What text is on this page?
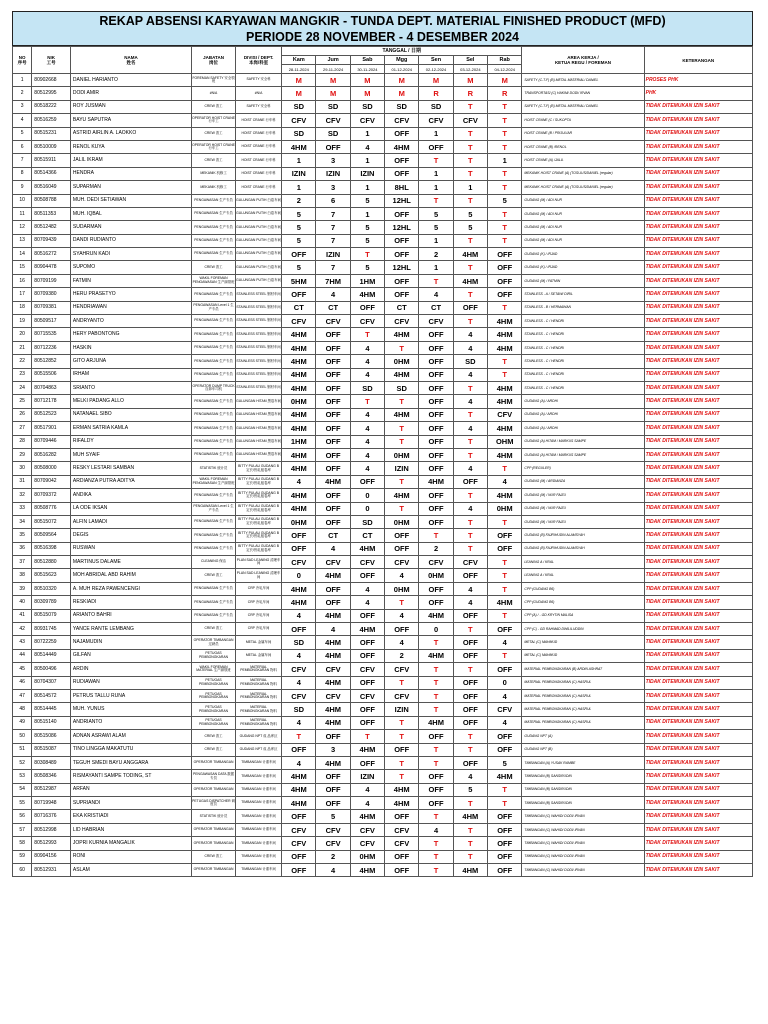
REKAP ABSENSI KARYAWAN MANGKIR - TUNDA DEPT. MATERIAL FINISHED PRODUCT (MFD)
PERIODE 28 NOVEMBER - 4 DESEMBER 2024
NO
序号	NIK
工号	NAMA
姓名	JABATAN
岗位	DIVISI / DEPT.
本岗/科室	TANGGAL / 日期							AREA KERJA /
KETUA REGU / FOREMAN	KETERANGAN
					Kam	Jum	Sab	Mgg	Sen	Sel	Rab		
					28-11-2024	29-11-2024	30-11-2024	01-12-2024	02-12-2024	03-12-2024	04-12-2024		
1	80902668	DANIEL HARIANTO	FOREMAN SAFETY 安全领班	SAFETY 安全科	M	M	M	M	M	M	M	SAFETY (C-T-F) (B) METAL MATERIAL/ DANIEL	PROSES PHK
2	80512995	DODI AMIR	#N/A	#N/A	M	M	M	M	R	R	R	TRANSPORTASI (C) HAKIM/ DODI/ IRVAN	PHK
3	80518222	ROY JUSMAN	CREW 普工	SAFETY 安全科	SD	SD	SD	SD	SD	T	T	SAFETY (C-T-F) (B) METAL MATERIAL/ DANIEL	TIDAK DITEMUKAN IZIN SAKIT
4	80516259	BAYU SAPUTRA	OPERATOR HOIST CRANE 行车工	HOIST CRANE 行车科	CFV	CFV	CFV	CFV	CFV	CFV	T	HOIST CRANE (C / SUKOPTA	TIDAK DITEMUKAN IZIN SAKIT
5	80515231	ASTRID AIRLIN A. LAOKKO	CREW 普工	HOIST CRANE 行车科	SD	SD	1	OFF	1	T	T	HOIST CRANE (B / PRIJULIAR	TIDAK DITEMUKAN IZIN SAKIT
6	80510009	RENOL KUYA	OPERATOR HOIST CRANE 行车工	HOIST CRANE 行车科	4HM	OFF	4	4HM	OFF	T	T	HOIST CRANE (B) /RENOL	TIDAK DITEMUKAN IZIN SAKIT
7	80515911	JALIL IKRAM	CREW 普工	HOIST CRANE 行车科	1	3	1	OFF	T	T	1	HOIST CRANE (A) /JALIL	TIDAK DITEMUKAN IZIN SAKIT
8	80514366	HENDRA	MEKANIK 机修工	HOIST CRANE 行车科	IZIN	IZIN	IZIN	OFF	1	T	T	MEKANIK HOIST CRANE (A) (TOSULIS/DANIEL (regular)	TIDAK DITEMUKAN IZIN SAKIT
9	80516049	SUPARMAN	MEKANIK 机修工	HOIST CRANE 行车科	1	3	1	8HL	1	1	T	MEKANIK HOIST CRANE (A) (TOSULIS/DANIEL (regular)	TIDAK DITEMUKAN IZIN SAKIT
10	80508788	MUH. DEDI SETIAWAN	PENGAWASAN 生产专员	GULUNGAN PUTIH 白卷车间	2	6	5	12HL	T	T	5	GUDANG (M) / ADI NUR	TIDAK DITEMUKAN IZIN SAKIT
11	80511353	MUH. IQBAL	PENGAWASAN 生产专员	GULUNGAN PUTIH 白卷车间	5	7	1	OFF	5	5	T	GUDANG (M) / ADI NUR	TIDAK DITEMUKAN IZIN SAKIT
12	80512482	SUDARMAN	PENGAWASAN 生产专员	GULUNGAN PUTIH 白卷车间	5	7	5	12HL	5	5	T	GUDANG (M) / ADI NUR	TIDAK DITEMUKAN IZIN SAKIT
13	80709439	DANDI RUDIANTO	PENGAWASAN 生产专员	GULUNGAN PUTIH 白卷车间	5	7	5	OFF	1	T	T	GUDANG (M) / ADI NUR	TIDAK DITEMUKAN IZIN SAKIT
14	80516272	SYAHRUN KADI	PENGAWASAN 生产专员	GULUNGAN PUTIH 白卷车间	OFF	IZIN	T	OFF	2	4HM	OFF	GUDANG (K) / IRJAD	TIDAK DITEMUKAN IZIN SAKIT
15	80904478	SUPOMO	CREW 普工	GULUNGAN PUTIH 白卷车间	5	7	5	12HL	1	T	OFF	GUDANG (K) / IRJAD	TIDAK DITEMUKAN IZIN SAKIT
16	80709199	FATMIN	WAKIL FOREMAN PENGAWASAN 生产副领班	GULUNGAN PUTIH 白卷车间	5HM	7HM	1HM	OFF	T	4HM	OFF	GUDANG (M) / FATMIN	TIDAK DITEMUKAN IZIN SAKIT
17	80709380	HERU PRASETYO	PENGAWASAN 生产专员	STAINLESS STEEL 钢材车间	OFF	4	4HM	OFF	4	T	OFF	STAINLESS - A / SETAWI DIRIL	TIDAK DITEMUKAN IZIN SAKIT
18	80709381	HENDRIAWAN	PENGAWASAN Level 1 生产专员	STAINLESS STEEL 钢材车间	CT	CT	OFF	CT	CT	OFF	T	STAINLESS - B / HERMAWAN	TIDAK DITEMUKAN IZIN SAKIT
19	80509517	ANDRYANTO	PENGAWASAN 生产专员	STAINLESS STEEL 钢材车间	CFV	CFV	CFV	CFV	CFV	T	4HM	STAINLESS - C / HENDRI	TIDAK DITEMUKAN IZIN SAKIT
20	80715535	HERY PABONTONG	PENGAWASAN 生产专员	STAINLESS STEEL 钢材车间	4HM	OFF	T	4HM	OFF	4	4HM	STAINLESS - C / HENDRI	TIDAK DITEMUKAN IZIN SAKIT
21	80712236	HASKIN	PENGAWASAN 生产专员	STAINLESS STEEL 钢材车间	4HM	OFF	4	T	OFF	4	4HM	STAINLESS - C / HENDRI	TIDAK DITEMUKAN IZIN SAKIT
22	80512852	GITO ARJUNA	PENGAWASAN 生产专员	STAINLESS STEEL 钢材车间	4HM	OFF	4	0HM	OFF	SD	T	STAINLESS - C / HENDRI	TIDAK DITEMUKAN IZIN SAKIT
23	80515506	IRHAM	PENGAWASAN 生产专员	STAINLESS STEEL 钢材车间	4HM	OFF	4	4HM	OFF	4	T	STAINLESS - C / HENDRI	TIDAK DITEMUKAN IZIN SAKIT
24	80704863	SRIANTO	OPERATOR DUMP TRUCK 自卸车司机	STAINLESS STEEL 钢材车间	4HM	OFF	SD	SD	OFF	T	4HM	STAINLESS - C / HENDRI	TIDAK DITEMUKAN IZIN SAKIT
25	80712178	MELKI PADANG ALLO	PENGAWASAN 生产专员	GULUNGAN HITAM 黑卷车间	0HM	OFF	T	T	OFF	4	4HM	GUDANG (A) / ARDHI	TIDAK DITEMUKAN IZIN SAKIT
26	80512523	NATANAEL SIBO	PENGAWASAN 生产专员	GULUNGAN HITAM 黑卷车间	4HM	OFF	4	4HM	OFF	T	CFV	GUDANG (A) / ARDHI	TIDAK DITEMUKAN IZIN SAKIT
27	80517901	ERMAN SATRIA KAMLA	PENGAWASAN 生产专员	GULUNGAN HITAM 黑卷车间	4HM	OFF	4	T	OFF	4	4HM	GUDANG (A) / ARDHI	TIDAK DITEMUKAN IZIN SAKIT
28	80709446	RIFALDY	PENGAWASAN 生产专员	GULUNGAN HITAM 黑卷车间	1HM	OFF	4	T	OFF	T	OHM	GUDANG (A) HITAM / MARKUS SAMPE	TIDAK DITEMUKAN IZIN SAKIT
29	80516282	MUH SYAIF	PENGAWASAN 生产专员	GULUNGAN HITAM 黑卷车间	4HM	OFF	4	0HM	OFF	T	4HM	GUDANG (A) HITAM / MARKUS SAMPE	TIDAK DITEMUKAN IZIN SAKIT
30	80508000	RESKY LESTARI SAMBAN	STATISTIK 统计员	BITTY PULAU GUDANG B 定长/热轧板卷库	4HM	OFF	4	IZIN	OFF	4	T	CPP (REGULER)	TIDAK DITEMUKAN IZIN SAKIT
31	80709042	ARDIANZA PUTRA ADITYA	WAKIL FOREMAN PENGAWASAN 生产副领班	BITTY PULAU GUDANG B 定长/热轧板卷库	4	4HM	OFF	T	4HM	OFF	4	GUDANG (M) / ARDIANZA	TIDAK DITEMUKAN IZIN SAKIT
32	80709372	ANDIKA	PENGAWASAN 生产专员	BITTY PULAU GUDANG B 定长/热轧板卷库	4HM	OFF	0	4HM	OFF	T	4HM	GUDANG (M) / NUR FAIZU	TIDAK DITEMUKAN IZIN SAKIT
33	80508776	LA ODE IKSAN	PENGAWASAN Level 1 生产专员	BITTY PULAU GUDANG B 定长/热轧板卷库	4HM	OFF	0	T	OFF	4	0HM	GUDANG (M) / NUR FAIZU	TIDAK DITEMUKAN IZIN SAKIT
34	80515072	ALFIN LAMADI	PENGAWASAN 生产专员	BITTY PULAU GUDANG B 定长/热轧板卷库	0HM	OFF	SD	0HM	OFF	T	T	GUDANG (M) / NUR FAIZU	TIDAK DITEMUKAN IZIN SAKIT
35	80509564	DEGIS	PENGAWASAN 生产专员	BITTY PULAU GUDANG B 定长/热轧板卷库	OFF	CT	CT	OFF	T	T	OFF	GUDANG (B) FAJRIHUDIN ALAMSYAH	TIDAK DITEMUKAN IZIN SAKIT
36	80516398	RUSWAN	PENGAWASAN 生产专员	BITTY PULAU GUDANG B 定长/热轧板卷库	OFF	4	4HM	OFF	2	T	OFF	GUDANG (B) FAJRIHUDIN ALAMSYAH	TIDAK DITEMUKAN IZIN SAKIT
37	80512880	MARTINUS DALAME	CLEANING 保洁	PLAN SAD LEANING 清理车间	CFV	CFV	CFV	CFV	CFV	CFV	T	LEANING A / KRAL	TIDAK DITEMUKAN IZIN SAKIT
38	80515623	MOH ABRIDAL ABD RAHIM	CREW 普工	PLAN SAD LEANING 清理车间	0	4HM	OFF	4	0HM	OFF	T	LEANING A / KRAL	TIDAK DITEMUKAN IZIN SAKIT
39	80510320	A. MUH REZA PAWENCENGI	PENGAWASAN 生产专员	CRP 冷轧车间	4HM	OFF	4	0HM	OFF	4	T	CPP (GUDANG B6)	TIDAK DITEMUKAN IZIN SAKIT
40	80309789	RESKIADI	PENGAWASAN 生产专员	CRP 冷轧车间	4HM	OFF	4	T	OFF	4	4HM	CPP (GUDANG B6)	TIDAK DITEMUKAN IZIN SAKIT
41	80515079	ARIANTO BAHRI	PENGAWASAN 生产专员	CRP 冷轧车间	4	4HM	OFF	4	4HM	OFF	T	CPP (A) / - GD KRYTIN MALISA	TIDAK DITEMUKAN IZIN SAKIT
42	80931745	YANCE RANTE LEMBANG	CREW 普工	CRP 冷轧车间	OFF	4	4HM	OFF	0	T	OFF	CPP (C) - GD RAHMAD DWILILUDDIN	TIDAK DITEMUKAN IZIN SAKIT
43	80722259	NAJAMUDIN	OPERATOR TIMBANGAN 过磅员	METAL 金属车间	SD	4HM	OFF	4	T	OFF	4	METAL (C) MAHMUD	TIDAK DITEMUKAN IZIN SAKIT
44	80514449	GILFAN	PETUGAS PEMBONGKARAN	METAL 金属车间	4	4HM	OFF	2	4HM	OFF	T	METAL (C) MAHMUD	TIDAK DITEMUKAN IZIN SAKIT
45	80500496	ARDIN	WAKIL FOREMAN MATERIAL 生产副领班	MATERIAL PEMBONGKARAN 物料	CFV	CFV	CFV	CFV	T	T	OFF	MATERIAL PEMBONGKARAN (B) ARDIN ASHRAT	TIDAK DITEMUKAN IZIN SAKIT
46	80704307	RUDIAWAN	PETUGAS PEMBONGKARAN	MATERIAL PEMBONGKARAN 物料	4	4HM	OFF	T	T	OFF	0	MATERIAL PEMBONGKARAN (C) HASRUL	TIDAK DITEMUKAN IZIN SAKIT
47	80514572	PETRUS TALLU RUNA	PETUGAS PEMBONGKARAN	MATERIAL PEMBONGKARAN 物料	CFV	CFV	CFV	CFV	T	OFF	4	MATERIAL PEMBONGKARAN (C) HASRUL	TIDAK DITEMUKAN IZIN SAKIT
48	80514445	MUH. YUNUS	PETUGAS PEMBONGKARAN	MATERIAL PEMBONGKARAN 物料	SD	4HM	OFF	IZIN	T	OFF	CFV	MATERIAL PEMBONGKARAN (C) HASRUL	TIDAK DITEMUKAN IZIN SAKIT
49	80515140	ANDRIANTO	PETUGAS PEMBONGKARAN	MATERIAL PEMBONGKARAN 物料	4	4HM	OFF	T	4HM	OFF	4	MATERIAL PEMBONGKARAN (C) HASRUL	TIDAK DITEMUKAN IZIN SAKIT
50	80515086	ADNAN ASRAWI ALAM	CREW 普工	GUDANG NPT 成 品库区	T	OFF	T	T	OFF	T	OFF	GUDANG NPT (A)	TIDAK DITEMUKAN IZIN SAKIT
51	80515087	TINO LINGGA MAKATUTU	CREW 普工	GUDANG NPT 成 品库区	OFF	3	4HM	OFF	T	T	OFF	GUDANG NPT (B)	TIDAK DITEMUKAN IZIN SAKIT
52	80308489	TEGUH SMEDI BAYU ANGGARA	OPERATOR TIMBANGAN	TIMBANGAN 计重车间	4	4HM	OFF	T	T	OFF	5	TIMBANGAN (A) YUSAK RAMBE	TIDAK DITEMUKAN IZIN SAKIT
53	80508346	RISMAYANTI SAMPE TODING, ST	PENGAWASAN DATA 数据专员	TIMBANGAN 计重车间	4HM	OFF	IZIN	T	OFF	4	4HM	TIMBANGAN (B) SANSIRUDIN	TIDAK DITEMUKAN IZIN SAKIT
54	80512987	ARFAN	OPERATOR TIMBANGAN	TIMBANGAN 计重车间	4HM	OFF	4	4HM	OFF	5	T	TIMBANGAN (B) SANSIRUDIN	TIDAK DITEMUKAN IZIN SAKIT
55	80719948	SUPRIANDI	PETUGAS DISPATCHER 调度员	TIMBANGAN 计重车间	4HM	OFF	4	4HM	OFF	T	T	TIMBANGAN (B) SANSIRUDIN	TIDAK DITEMUKAN IZIN SAKIT
56	80716376	EKA KRISTIADI	STATISTIK 统计员	TIMBANGAN 计重车间	OFF	5	4HM	OFF	T	4HM	OFF	TIMBANGAN (C) WAHIDI DODI/ IRVAN	TIDAK DITEMUKAN IZIN SAKIT
57	80512998	LID HABRIAN	OPERATOR TIMBANGAN	TIMBANGAN 计重车间	CFV	CFV	CFV	CFV	4	T	OFF	TIMBANGAN (C) WAHIDI DODI/ IRVAN	TIDAK DITEMUKAN IZIN SAKIT
58	80512993	JOPRI KURNIA MANGALIK	OPERATOR TIMBANGAN	TIMBANGAN 计重车间	CFV	CFV	CFV	CFV	T	T	OFF	TIMBANGAN (C) WAHIDI DODI/ IRVAN	TIDAK DITEMUKAN IZIN SAKIT
59	80904156	RONI	CREW 普工	TIMBANGAN 计重车间	OFF	2	0HM	OFF	T	T	OFF	TIMBANGAN (C) WAHIDI DODI/ IRVAN	TIDAK DITEMUKAN IZIN SAKIT
60	80512931	ASLAM	OPERATOR TIMBANGAN	TIMBANGAN 计重车间	OFF	4	4HM	OFF	T	4HM	OFF	TIMBANGAN (C) WAHIDI DODI/ IRVAN	TIDAK DITEMUKAN IZIN SAKIT
